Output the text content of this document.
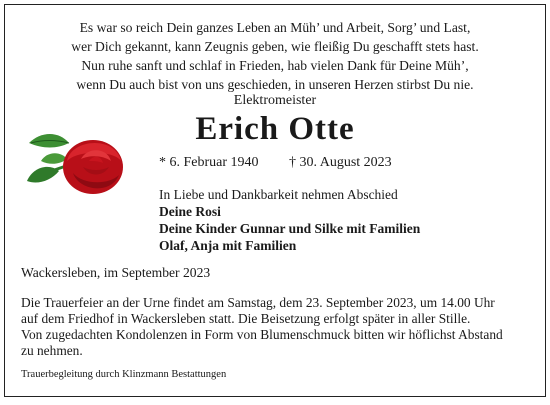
Es war so reich Dein ganzes Leben an Müh’ und Arbeit, Sorg’ und Last,
wer Dich gekannt, kann Zeugnis geben, wie fleißig Du geschafft stets hast.
Nun ruhe sanft und schlaf in Frieden, hab vielen Dank für Deine Müh’,
wenn Du auch bist von uns geschieden, in unseren Herzen stirbst Du nie.
Elektromeister
Erich Otte
* 6. Februar 1940 † 30. August 2023
In Liebe und Dankbarkeit nehmen Abschied
Deine Rosi
Deine Kinder Gunnar und Silke mit Familien
Olaf, Anja mit Familien
Wackersleben, im September 2023
Die Trauerfeier an der Urne findet am Samstag, dem 23. September 2023, um 14.00 Uhr
auf dem Friedhof in Wackersleben statt. Die Beisetzung erfolgt später in aller Stille.
Von zugedachten Kondolenzen in Form von Blumenschmuck bitten wir höflichst Abstand
zu nehmen.
Trauerbegleitung durch Klinzmann Bestattungen
